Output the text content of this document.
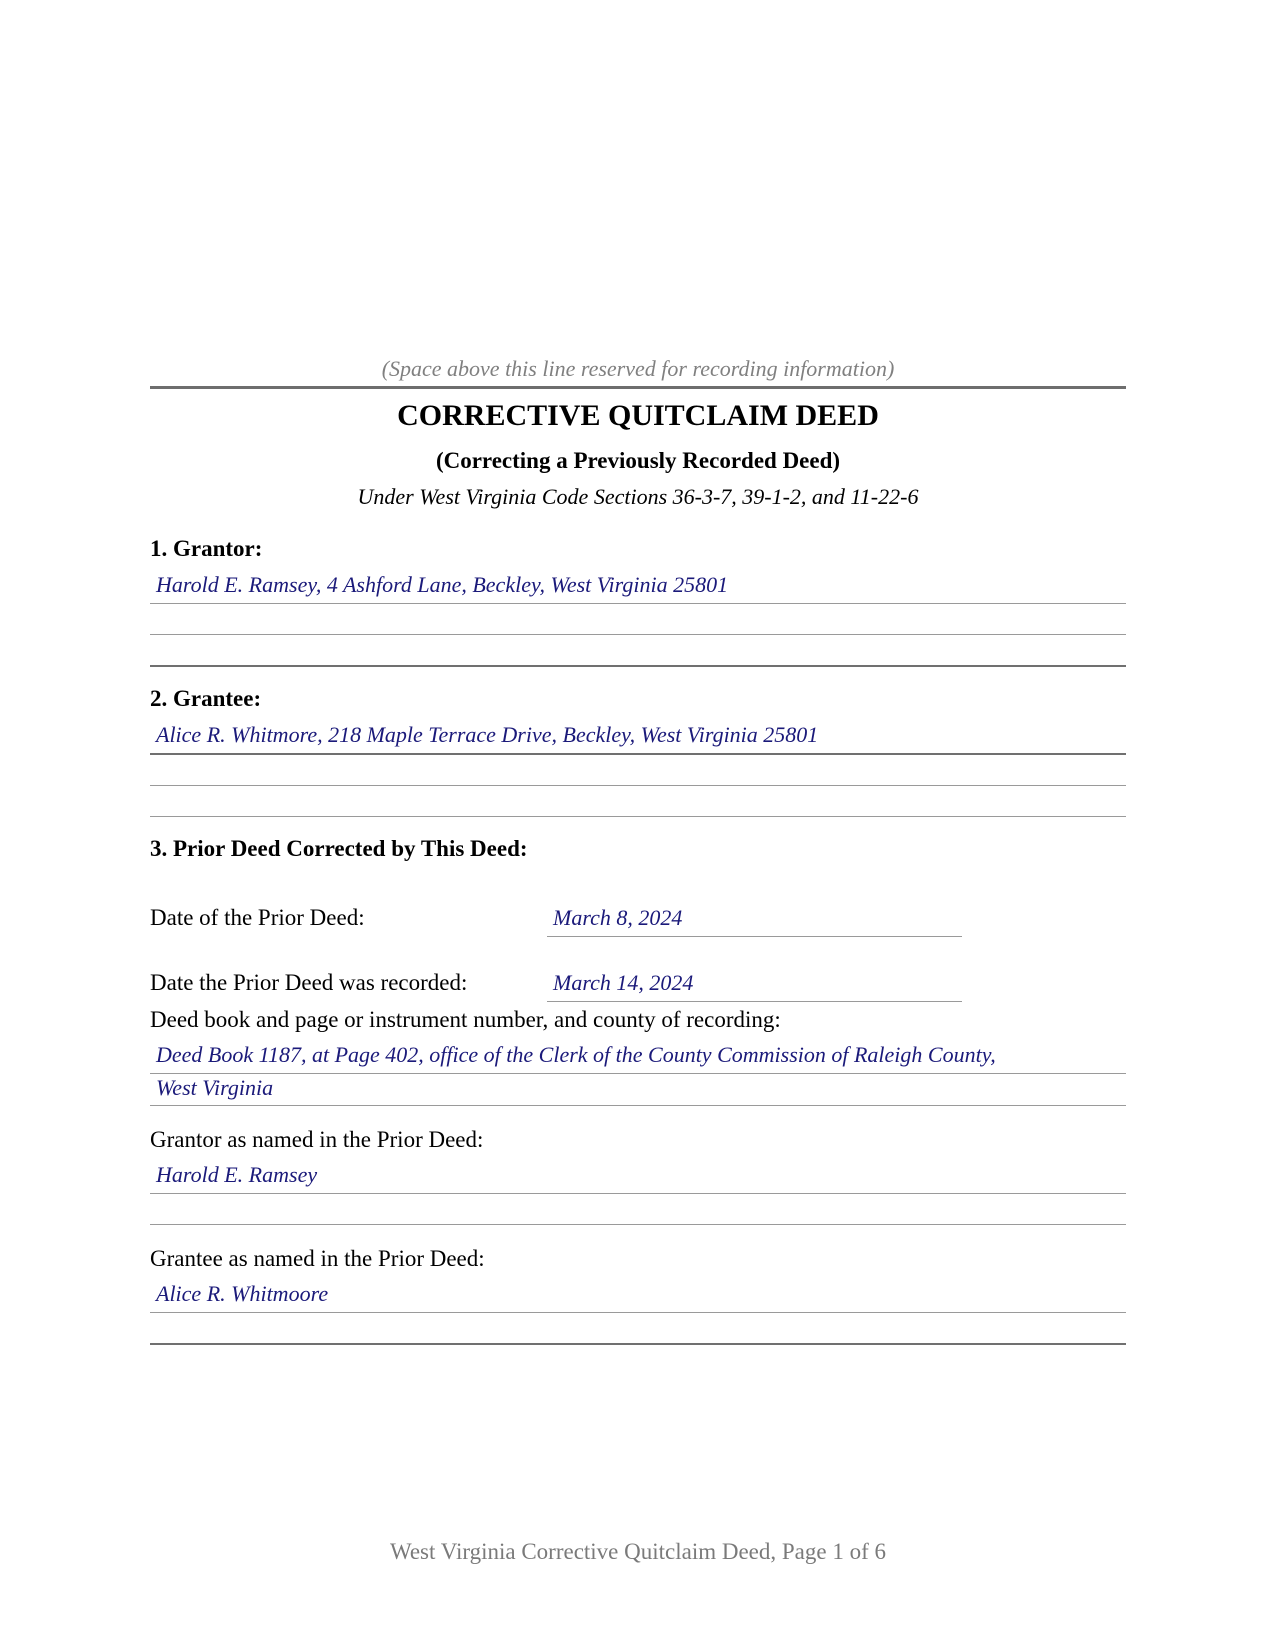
(Space above this line reserved for recording information)
CORRECTIVE QUITCLAIM DEED
(Correcting a Previously Recorded Deed)
Under West Virginia Code Sections 36-3-7, 39-1-2, and 11-22-6
1. Grantor:
Harold E. Ramsey, 4 Ashford Lane, Beckley, West Virginia 25801
2. Grantee:
Alice R. Whitmore, 218 Maple Terrace Drive, Beckley, West Virginia 25801
3. Prior Deed Corrected by This Deed:
Date of the Prior Deed:	March 8, 2024
Date the Prior Deed was recorded:	March 14, 2024
Deed book and page or instrument number, and county of recording:
Deed Book 1187, at Page 402, office of the Clerk of the County Commission of Raleigh County,
West Virginia
Grantor as named in the Prior Deed:
Harold E. Ramsey
Grantee as named in the Prior Deed:
Alice R. Whitmoore
West Virginia Corrective Quitclaim Deed, Page 1 of 6
